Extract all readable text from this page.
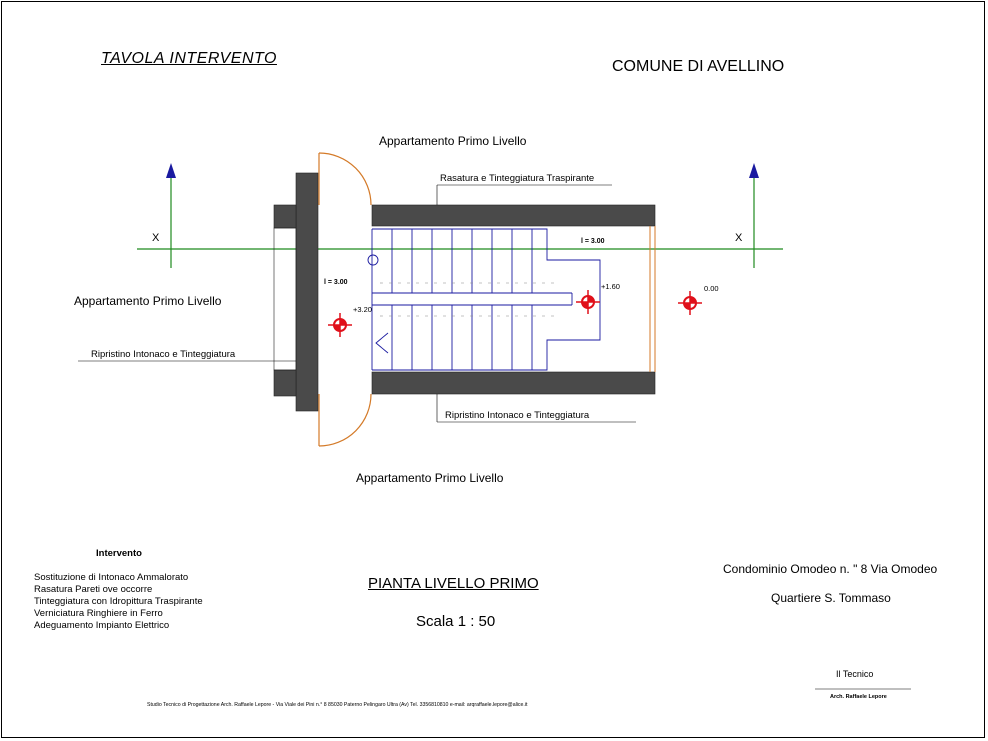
TAVOLA INTERVENTO	COMUNE DI AVELLINO
Appartamento Primo Livello
Appartamento Primo Livello
Appartamento Primo Livello
Rasatura e Tinteggiatura Traspirante
Ripristino Intonaco e Tinteggiatura
Ripristino Intonaco e Tinteggiatura
X	X
l = 3.00
l = 3.00	+1.60
+3.20
0.00
Intervento
Sostituzione di Intonaco Ammalorato
Rasatura Pareti ove occorre
Tinteggiatura con Idropittura Traspirante
Verniciatura Ringhiere in Ferro
Adeguamento Impianto Elettrico
PIANTA LIVELLO PRIMO
Scala 1 : 50
Condominio Omodeo n. " 8 Via Omodeo
Quartiere S. Tommaso
Il Tecnico
Arch. Raffaele Lepore
Studio Tecnico di Progettazione Arch. Raffaele Lepore - Via Viale dei Pini n.° 8 85030 Paterno Pelingaro Ultra (Av) Tel. 3356810810 e-mail: arqraffaele.lepore@alice.it
